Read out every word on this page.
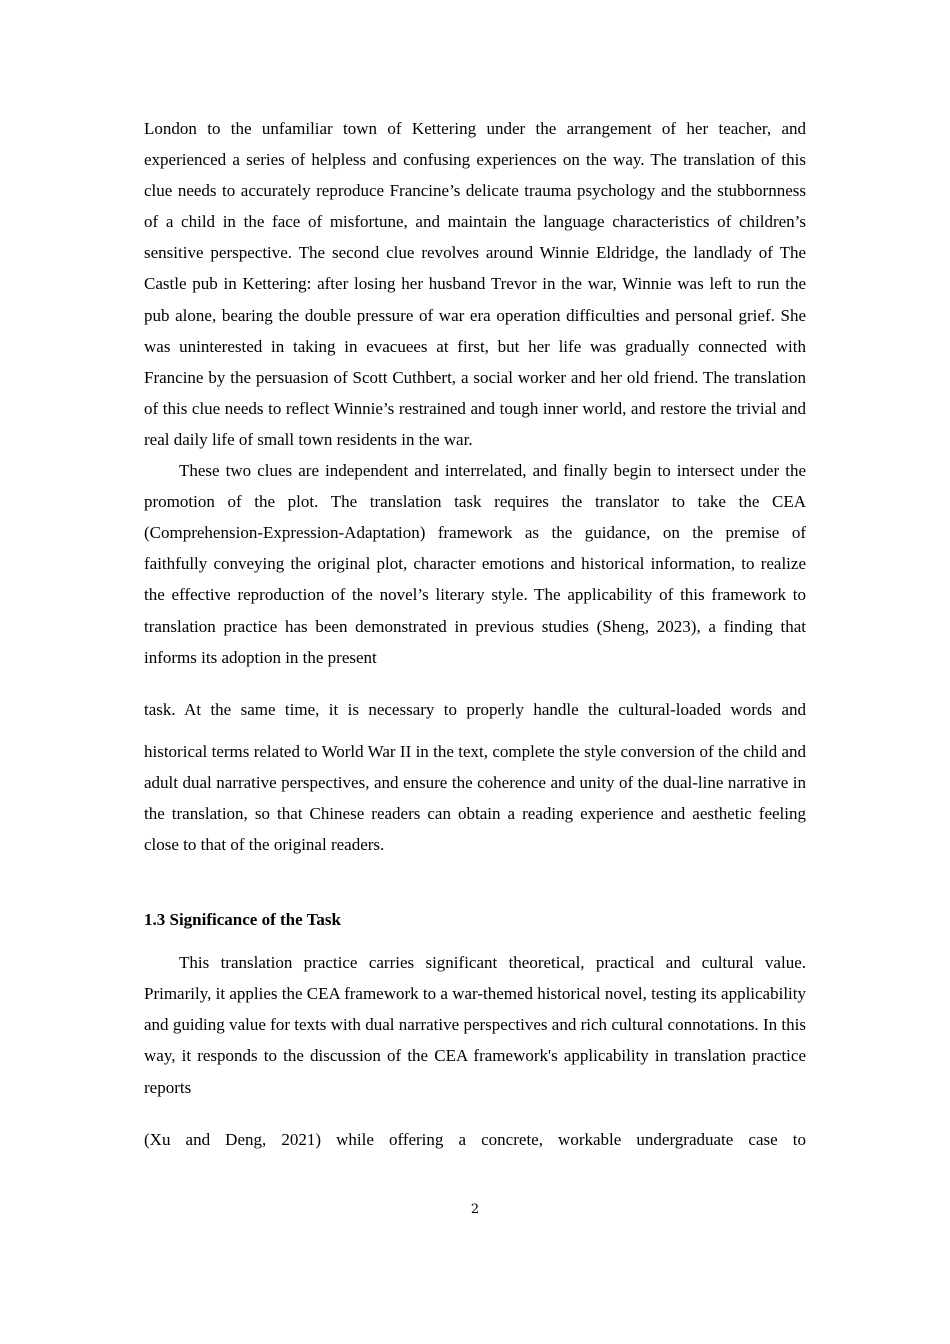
London to the unfamiliar town of Kettering under the arrangement of her teacher, and experienced a series of helpless and confusing experiences on the way. The translation of this clue needs to accurately reproduce Francine’s delicate trauma psychology and the stubbornness of a child in the face of misfortune, and maintain the language characteristics of children’s sensitive perspective. The second clue revolves around Winnie Eldridge, the landlady of The Castle pub in Kettering: after losing her husband Trevor in the war, Winnie was left to run the pub alone, bearing the double pressure of war era operation difficulties and personal grief. She was uninterested in taking in evacuees at first, but her life was gradually connected with Francine by the persuasion of Scott Cuthbert, a social worker and her old friend. The translation of this clue needs to reflect Winnie’s restrained and tough inner world, and restore the trivial and real daily life of small town residents in the war.

These two clues are independent and interrelated, and finally begin to intersect under the promotion of the plot. The translation task requires the translator to take the CEA (Comprehension-Expression-Adaptation) framework as the guidance, on the premise of faithfully conveying the original plot, character emotions and historical information, to realize the effective reproduction of the novel’s literary style. The applicability of this framework to translation practice has been demonstrated in previous studies (Sheng, 2023), a finding that informs its adoption in the present

task. At the same time, it is necessary to properly handle the cultural-loaded words and

historical terms related to World War II in the text, complete the style conversion of the child and adult dual narrative perspectives, and ensure the coherence and unity of the dual-line narrative in the translation, so that Chinese readers can obtain a reading experience and aesthetic feeling close to that of the original readers.

1.3 Significance of the Task

This translation practice carries significant theoretical, practical and cultural value. Primarily, it applies the CEA framework to a war-themed historical novel, testing its applicability and guiding value for texts with dual narrative perspectives and rich cultural connotations. In this way, it responds to the discussion of the CEA framework's applicability in translation practice reports

(Xu and Deng, 2021) while offering a concrete, workable undergraduate case to

2
